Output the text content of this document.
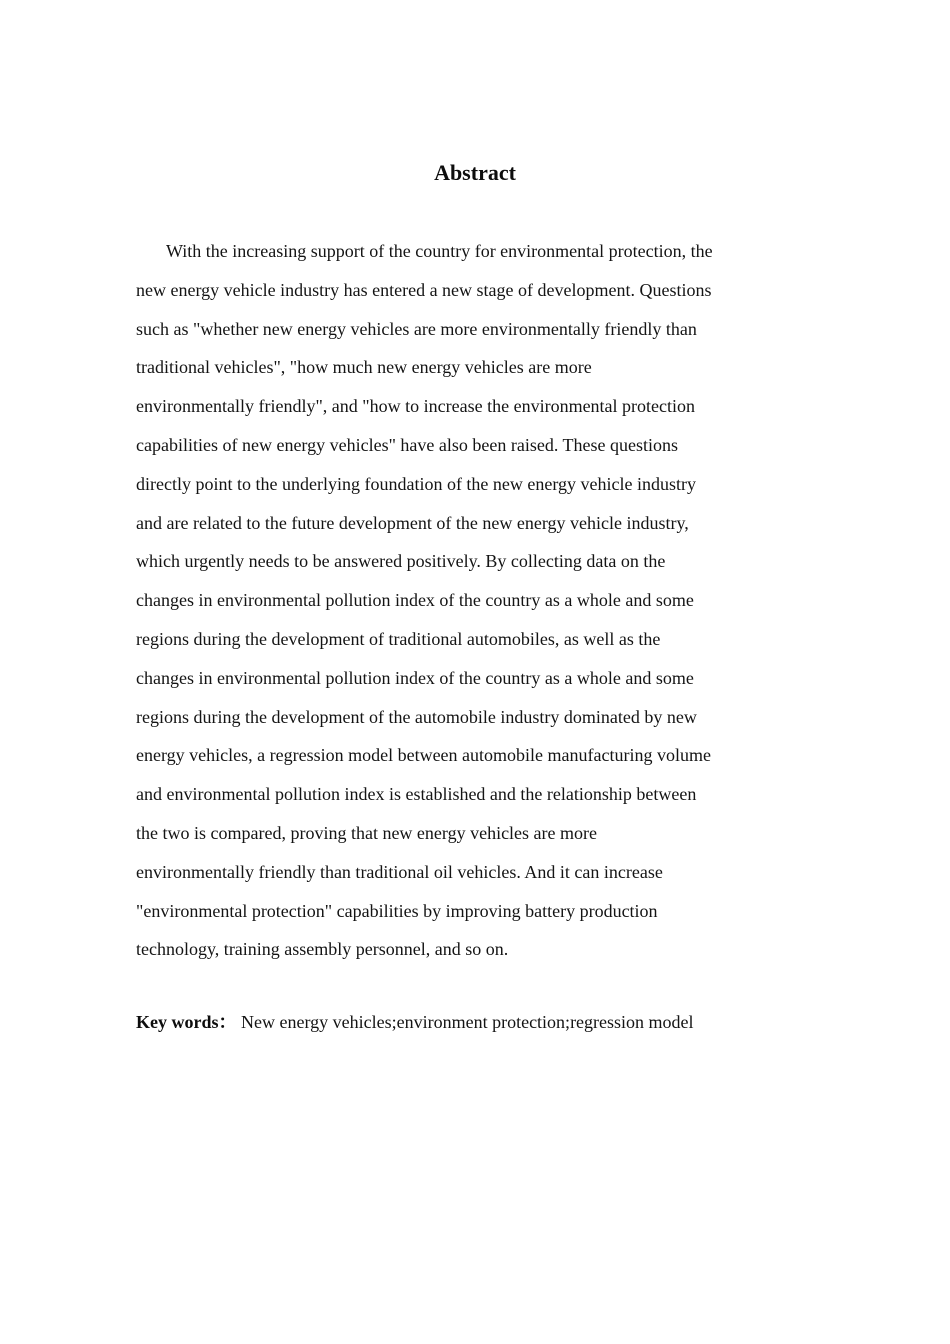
Abstract
With the increasing support of the country for environmental protection, the
new energy vehicle industry has entered a new stage of development. Questions
such as "whether new energy vehicles are more environmentally friendly than
traditional vehicles", "how much new energy vehicles are more
environmentally friendly", and "how to increase the environmental protection
capabilities of new energy vehicles" have also been raised. These questions
directly point to the underlying foundation of the new energy vehicle industry
and are related to the future development of the new energy vehicle industry,
which urgently needs to be answered positively. By collecting data on the
changes in environmental pollution index of the country as a whole and some
regions during the development of traditional automobiles, as well as the
changes in environmental pollution index of the country as a whole and some
regions during the development of the automobile industry dominated by new
energy vehicles, a regression model between automobile manufacturing volume
and environmental pollution index is established and the relationship between
the two is compared, proving that new energy vehicles are more
environmentally friendly than traditional oil vehicles. And it can increase
"environmental protection" capabilities by improving battery production
technology, training assembly personnel, and so on.

Key words： New energy vehicles;environment protection;regression model
